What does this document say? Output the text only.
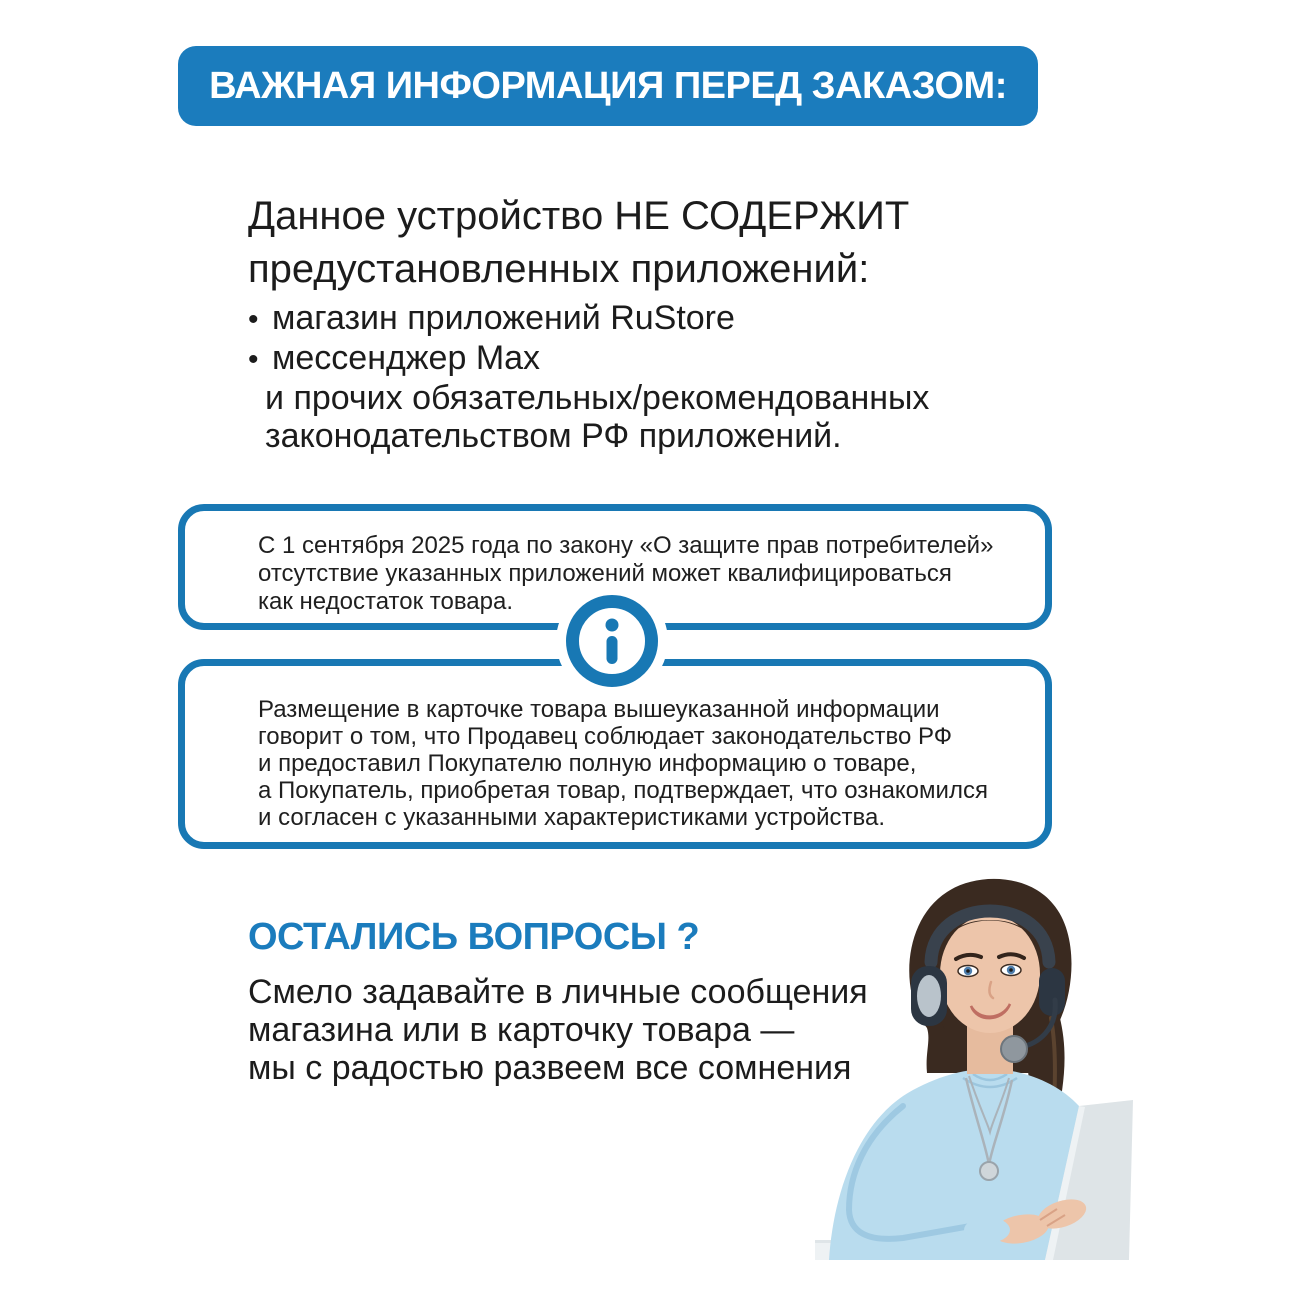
ВАЖНАЯ ИНФОРМАЦИЯ ПЕРЕД ЗАКАЗОМ:
Данное устройство НЕ СОДЕРЖИТ
предустановленных приложений:
• магазин приложений RuStore
• мессенджер Max
и прочих обязательных/рекомендованных
законодательством РФ приложений.
С 1 сентября 2025 года по закону «О защите прав потребителей»
отсутствие указанных приложений может квалифицироваться
как недостаток товара.
Размещение в карточке товара вышеуказанной информации
говорит о том, что Продавец соблюдает законодательство РФ
и предоставил Покупателю полную информацию о товаре,
а Покупатель, приобретая товар, подтверждает, что ознакомился
и согласен с указанными характеристиками устройства.
ОСТАЛИСЬ ВОПРОСЫ ?
Смело задавайте в личные сообщения
магазина или в карточку товара —
мы с радостью развеем все сомнения
